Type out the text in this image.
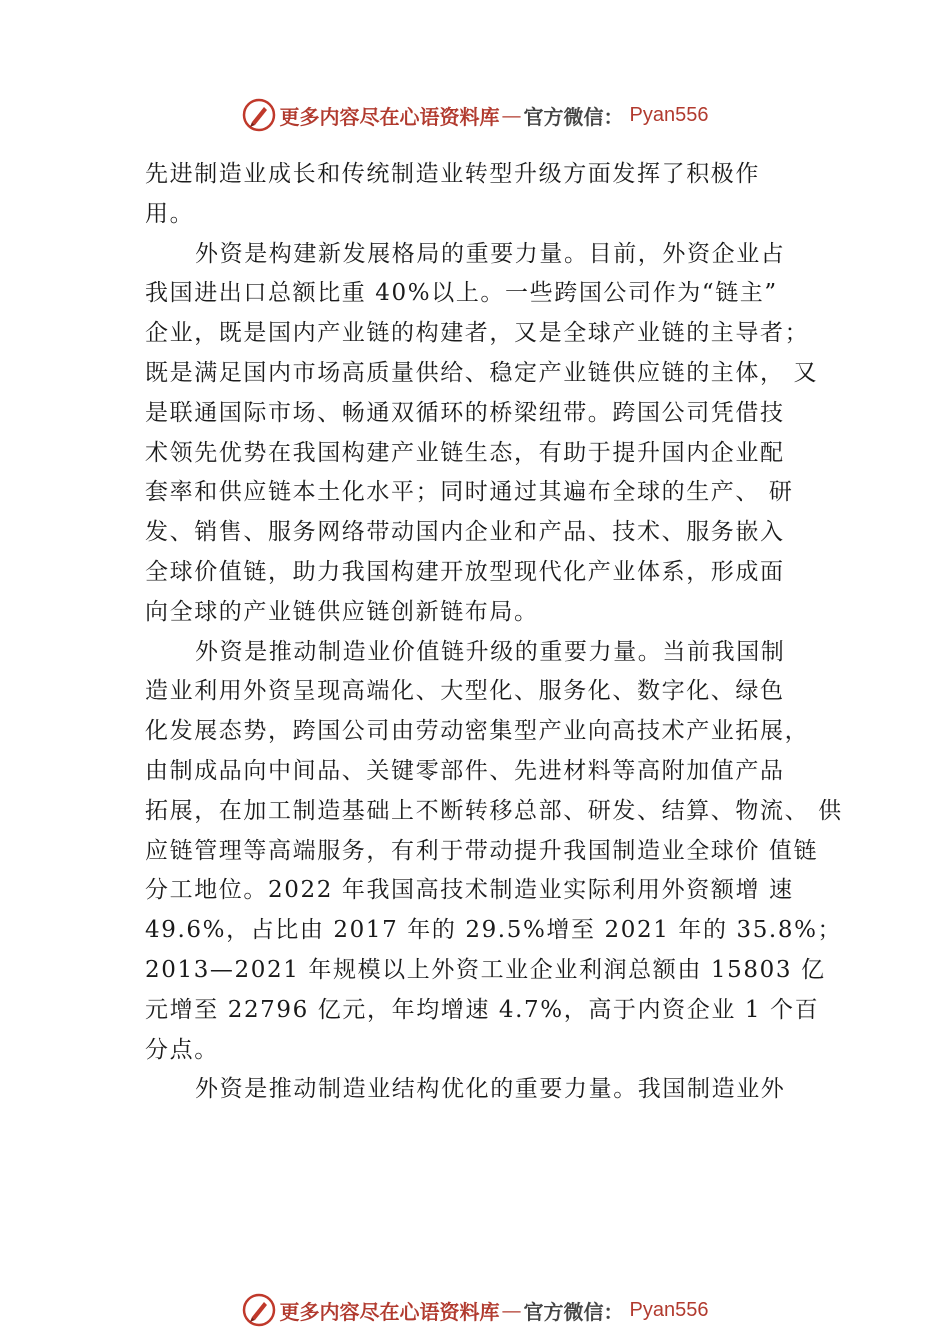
更多内容尽在心语资料库 — 官方微信： Pyan556
先进制造业成长和传统制造业转型升级方面发挥了积极作
用。
外资是构建新发展格局的重要力量。目前，外资企业占
我国进出口总额比重 40%以上。一些跨国公司作为“链主”
企业，既是国内产业链的构建者，又是全球产业链的主导者；
既是满足国内市场高质量供给、稳定产业链供应链的主体， 又
是联通国际市场、畅通双循环的桥梁纽带。跨国公司凭借技
术领先优势在我国构建产业链生态，有助于提升国内企业配
套率和供应链本土化水平；同时通过其遍布全球的生产、 研
发、销售、服务网络带动国内企业和产品、技术、服务嵌入
全球价值链，助力我国构建开放型现代化产业体系，形成面
向全球的产业链供应链创新链布局。
外资是推动制造业价值链升级的重要力量。当前我国制
造业利用外资呈现高端化、大型化、服务化、数字化、绿色
化发展态势，跨国公司由劳动密集型产业向高技术产业拓展，
由制成品向中间品、关键零部件、先进材料等高附加值产品
拓展，在加工制造基础上不断转移总部、研发、结算、物流、 供
应链管理等高端服务，有利于带动提升我国制造业全球价 值链
分工地位。2022 年我国高技术制造业实际利用外资额增 速
49.6%，占比由 2017 年的 29.5%增至 2021 年的 35.8%；
2013—2021 年规模以上外资工业企业利润总额由 15803 亿
元增至 22796 亿元，年均增速 4.7%，高于内资企业 1 个百
分点。
外资是推动制造业结构优化的重要力量。我国制造业外
更多内容尽在心语资料库 — 官方微信： Pyan556
